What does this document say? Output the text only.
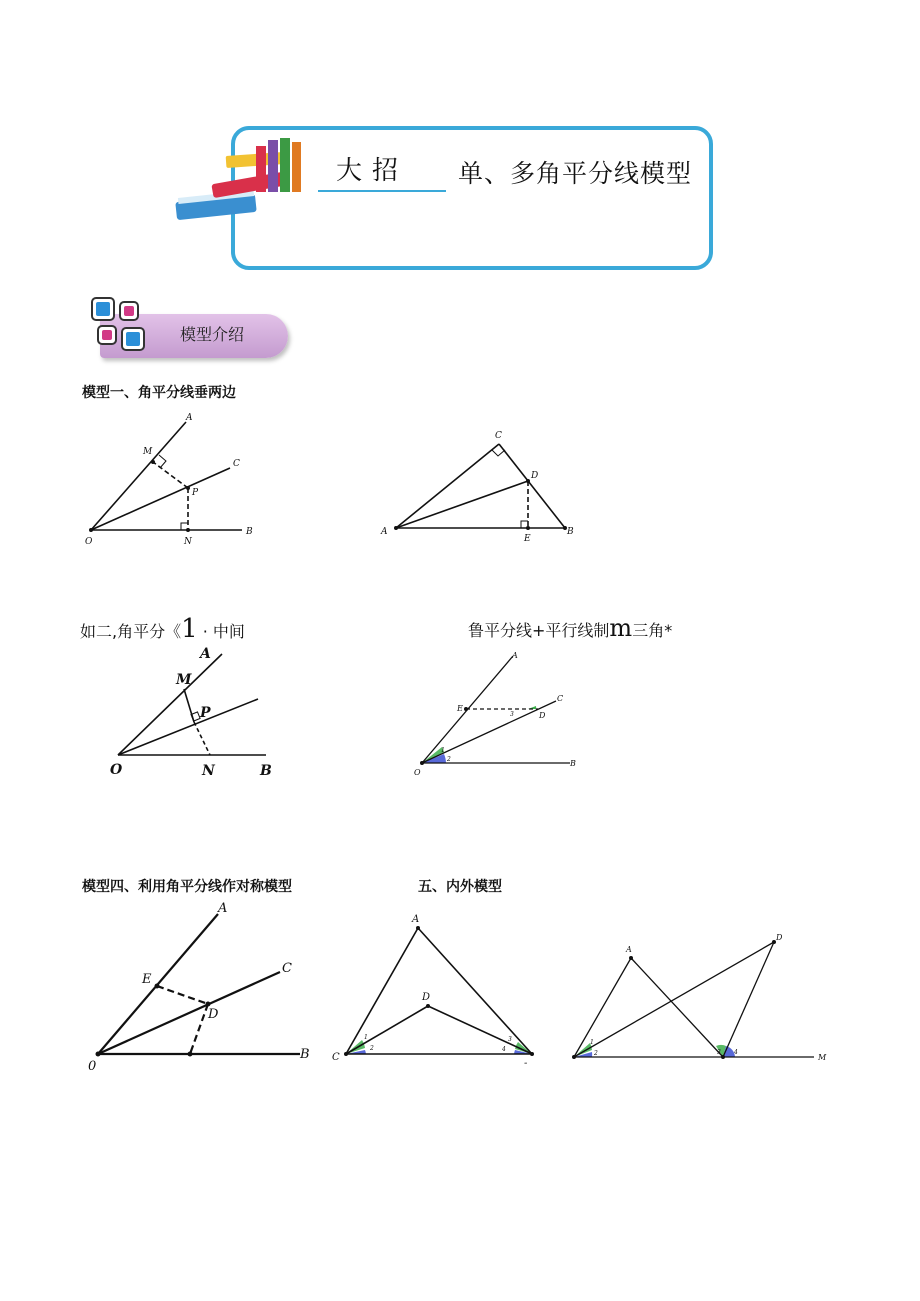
大招 单、多角平分线模型
模型介绍
模型一、角平分线垂两边
A
M
C
P
O	N
B
C
D
A
E
B
如二,角平分《1 · 中间	鲁平分线+平行线制m三角*
A
M
P
O	N	B
A
C
E
D
O
B
1
2
3
模型四、利用角平分线作对称模型	五、内外模型
A
C
E
D
0
B
A
D
C
-
1
2
3
4
A
D
M
1
2	3 4
